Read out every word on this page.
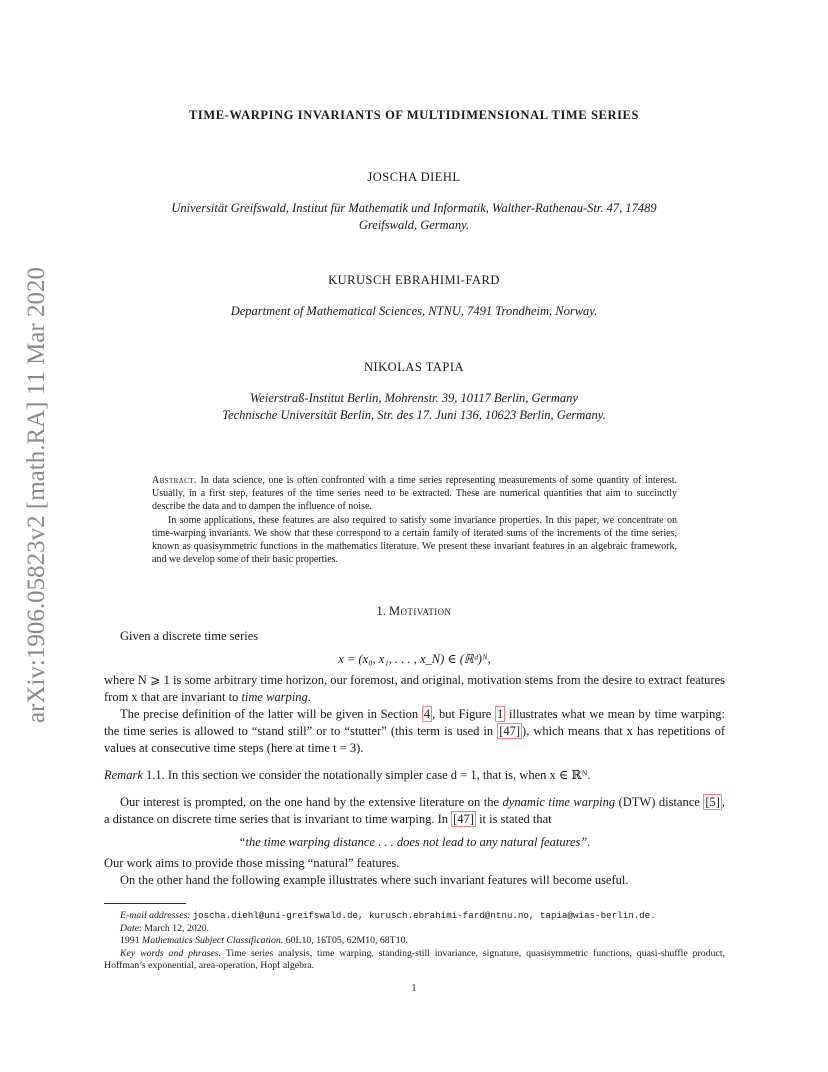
arXiv:1906.05823v2 [math.RA] 11 Mar 2020
TIME-WARPING INVARIANTS OF MULTIDIMENSIONAL TIME SERIES
JOSCHA DIEHL
Universität Greifswald, Institut für Mathematik und Informatik, Walther-Rathenau-Str. 47, 17489
Greifswald, Germany.
KURUSCH EBRAHIMI-FARD
Department of Mathematical Sciences, NTNU, 7491 Trondheim, Norway.
NIKOLAS TAPIA
Weierstraß-Institut Berlin, Mohrenstr. 39, 10117 Berlin, Germany
Technische Universität Berlin, Str. des 17. Juni 136, 10623 Berlin, Germany.

Abstract. In data science, one is often confronted with a time series representing measurements of some quantity of interest. Usually, in a first step, features of the time series need to be extracted. These are numerical quantities that aim to succinctly describe the data and to dampen the influence of noise.

In some applications, these features are also required to satisfy some invariance properties. In this paper, we concentrate on time-warping invariants. We show that these correspond to a certain family of iterated sums of the increments of the time series, known as quasisymmetric functions in the mathematics literature. We present these invariant features in an algebraic framework, and we develop some of their basic properties.

1. Motivation

Given a discrete time series

x = (x₀, x₁, . . . , x_N) ∈ (ℝᵈ)ᴺ,

where N ⩾ 1 is some arbitrary time horizon, our foremost, and original, motivation stems from the desire to extract features from x that are invariant to time warping.

The precise definition of the latter will be given in Section 4 , but Figure 1 illustrates what we mean by time warping: the time series is allowed to “stand still” or to “stutter” (this term is used in [47] ), which means that x has repetitions of values at consecutive time steps (here at time t = 3).

Remark 1.1. In this section we consider the notationally simpler case d = 1, that is, when x ∈ ℝᴺ.

Our interest is prompted, on the one hand by the extensive literature on the dynamic time warping (DTW) distance [5] , a distance on discrete time series that is invariant to time warping. In [47] it is stated that

“the time warping distance . . . does not lead to any natural features”.

Our work aims to provide those missing “natural” features.

On the other hand the following example illustrates where such invariant features will become useful.

E-mail addresses: joscha.diehl@uni-greifswald.de, kurusch.ebrahimi-fard@ntnu.no, tapia@wias-berlin.de.

Date: March 12, 2020.

1991 Mathematics Subject Classification. 60L10, 16T05, 62M10, 68T10.

Key words and phrases. Time series analysis, time warping, standing-still invariance, signature, quasisymmetric functions, quasi-shuffle product, Hoffman’s exponential, area-operation, Hopf algebra.

1
